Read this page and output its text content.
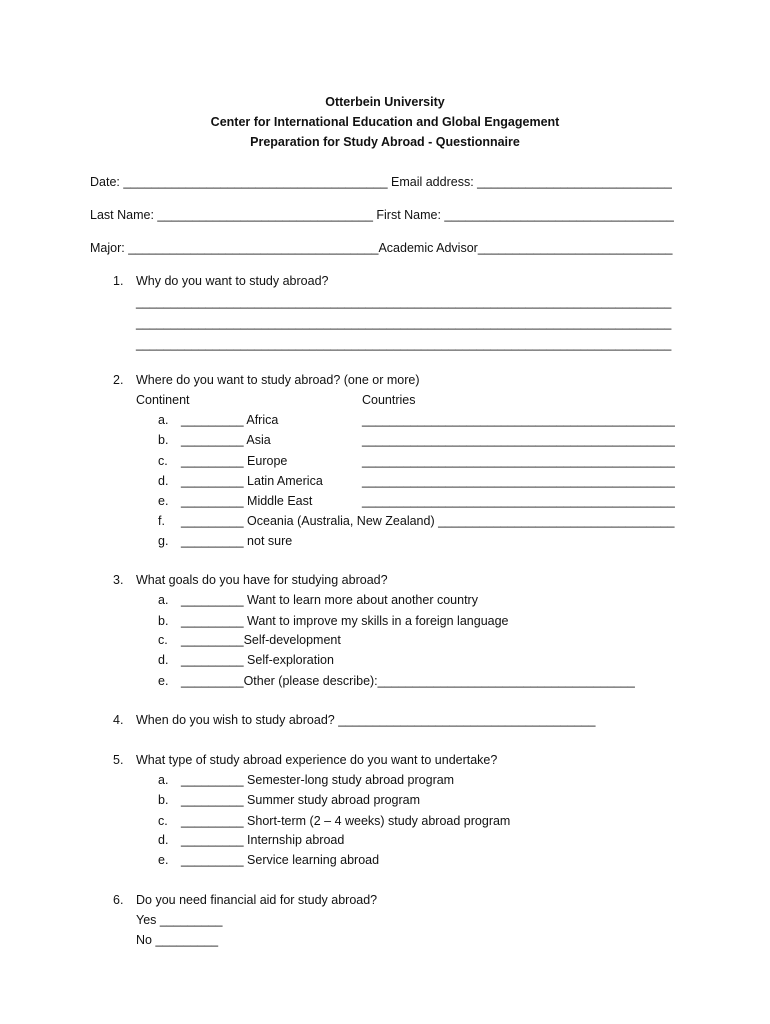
Otterbein University
Center for International Education and Global Engagement
Preparation for Study Abroad - Questionnaire
Date: ______________________________________ Email address: ____________________________
Last Name: _______________________________ First Name: _________________________________
Major: ____________________________________Academic Advisor____________________________
1. Why do you want to study abroad?
_____________________________________________________________________________
_____________________________________________________________________________
_____________________________________________________________________________
2. Where do you want to study abroad? (one or more)
Continent	Countries
a. _________ Africa	_____________________________________________
b. _________ Asia	_____________________________________________
c. _________ Europe	_____________________________________________
d. _________ Latin America	_____________________________________________
e. _________ Middle East	_____________________________________________
f. _________ Oceania (Australia, New Zealand) __________________________________
g. _________ not sure
3. What goals do you have for studying abroad?
a. _________ Want to learn more about another country
b. _________ Want to improve my skills in a foreign language
c. _________Self-development
d. _________ Self-exploration
e. _________Other (please describe):_____________________________________
4. When do you wish to study abroad? _____________________________________
5. What type of study abroad experience do you want to undertake?
a. _________ Semester-long study abroad program
b. _________ Summer study abroad program
c. _________ Short-term (2 – 4 weeks) study abroad program
d. _________ Internship abroad
e. _________ Service learning abroad
6. Do you need financial aid for study abroad?
Yes _________
No _________
